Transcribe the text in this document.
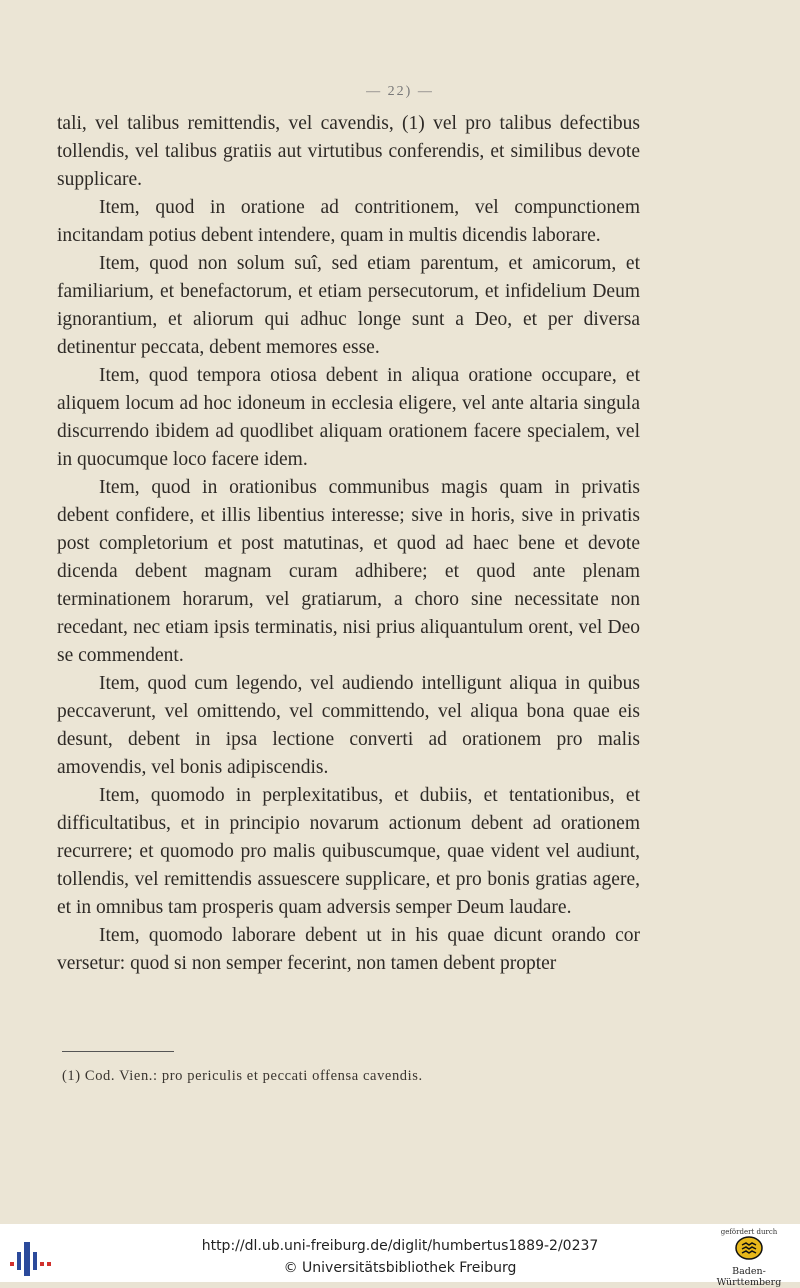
— 22) —

tali, vel talibus remittendis, vel cavendis, (1) vel pro talibus defectibus tollendis, vel talibus gratiis aut virtutibus conferendis, et similibus devote supplicare.

Item, quod in oratione ad contritionem, vel compunctionem incitandam potius debent intendere, quam in multis dicendis laborare.

Item, quod non solum suî, sed etiam parentum, et amicorum, et familiarium, et benefactorum, et etiam persecutorum, et infidelium Deum ignorantium, et aliorum qui adhuc longe sunt a Deo, et per diversa detinentur peccata, debent memores esse.

Item, quod tempora otiosa debent in aliqua oratione occupare, et aliquem locum ad hoc idoneum in ecclesia eligere, vel ante altaria singula discurrendo ibidem ad quodlibet aliquam orationem facere specialem, vel in quocumque loco facere idem.

Item, quod in orationibus communibus magis quam in privatis debent confidere, et illis libentius interesse; sive in horis, sive in privatis post completorium et post matutinas, et quod ad haec bene et devote dicenda debent magnam curam adhibere; et quod ante plenam terminationem horarum, vel gratiarum, a choro sine necessitate non recedant, nec etiam ipsis terminatis, nisi prius aliquantulum orent, vel Deo se commendent.

Item, quod cum legendo, vel audiendo intelligunt aliqua in quibus peccaverunt, vel omittendo, vel committendo, vel aliqua bona quae eis desunt, debent in ipsa lectione converti ad orationem pro malis amovendis, vel bonis adipiscendis.

Item, quomodo in perplexitatibus, et dubiis, et tentationibus, et difficultatibus, et in principio novarum actionum debent ad orationem recurrere; et quomodo pro malis quibuscumque, quae vident vel audiunt, tollendis, vel remittendis assuescere supplicare, et pro bonis gratias agere, et in omnibus tam prosperis quam adversis semper Deum laudare.

Item, quomodo laborare debent ut in his quae dicunt orando cor versetur: quod si non semper fecerint, non tamen debent propter

(1) Cod. Vien.: pro periculis et peccati offensa cavendis.
http://dl.ub.uni-freiburg.de/diglit/humbertus1889-2/0237
© Universitätsbibliothek Freiburg
gefördert durch
Baden-Württemberg
